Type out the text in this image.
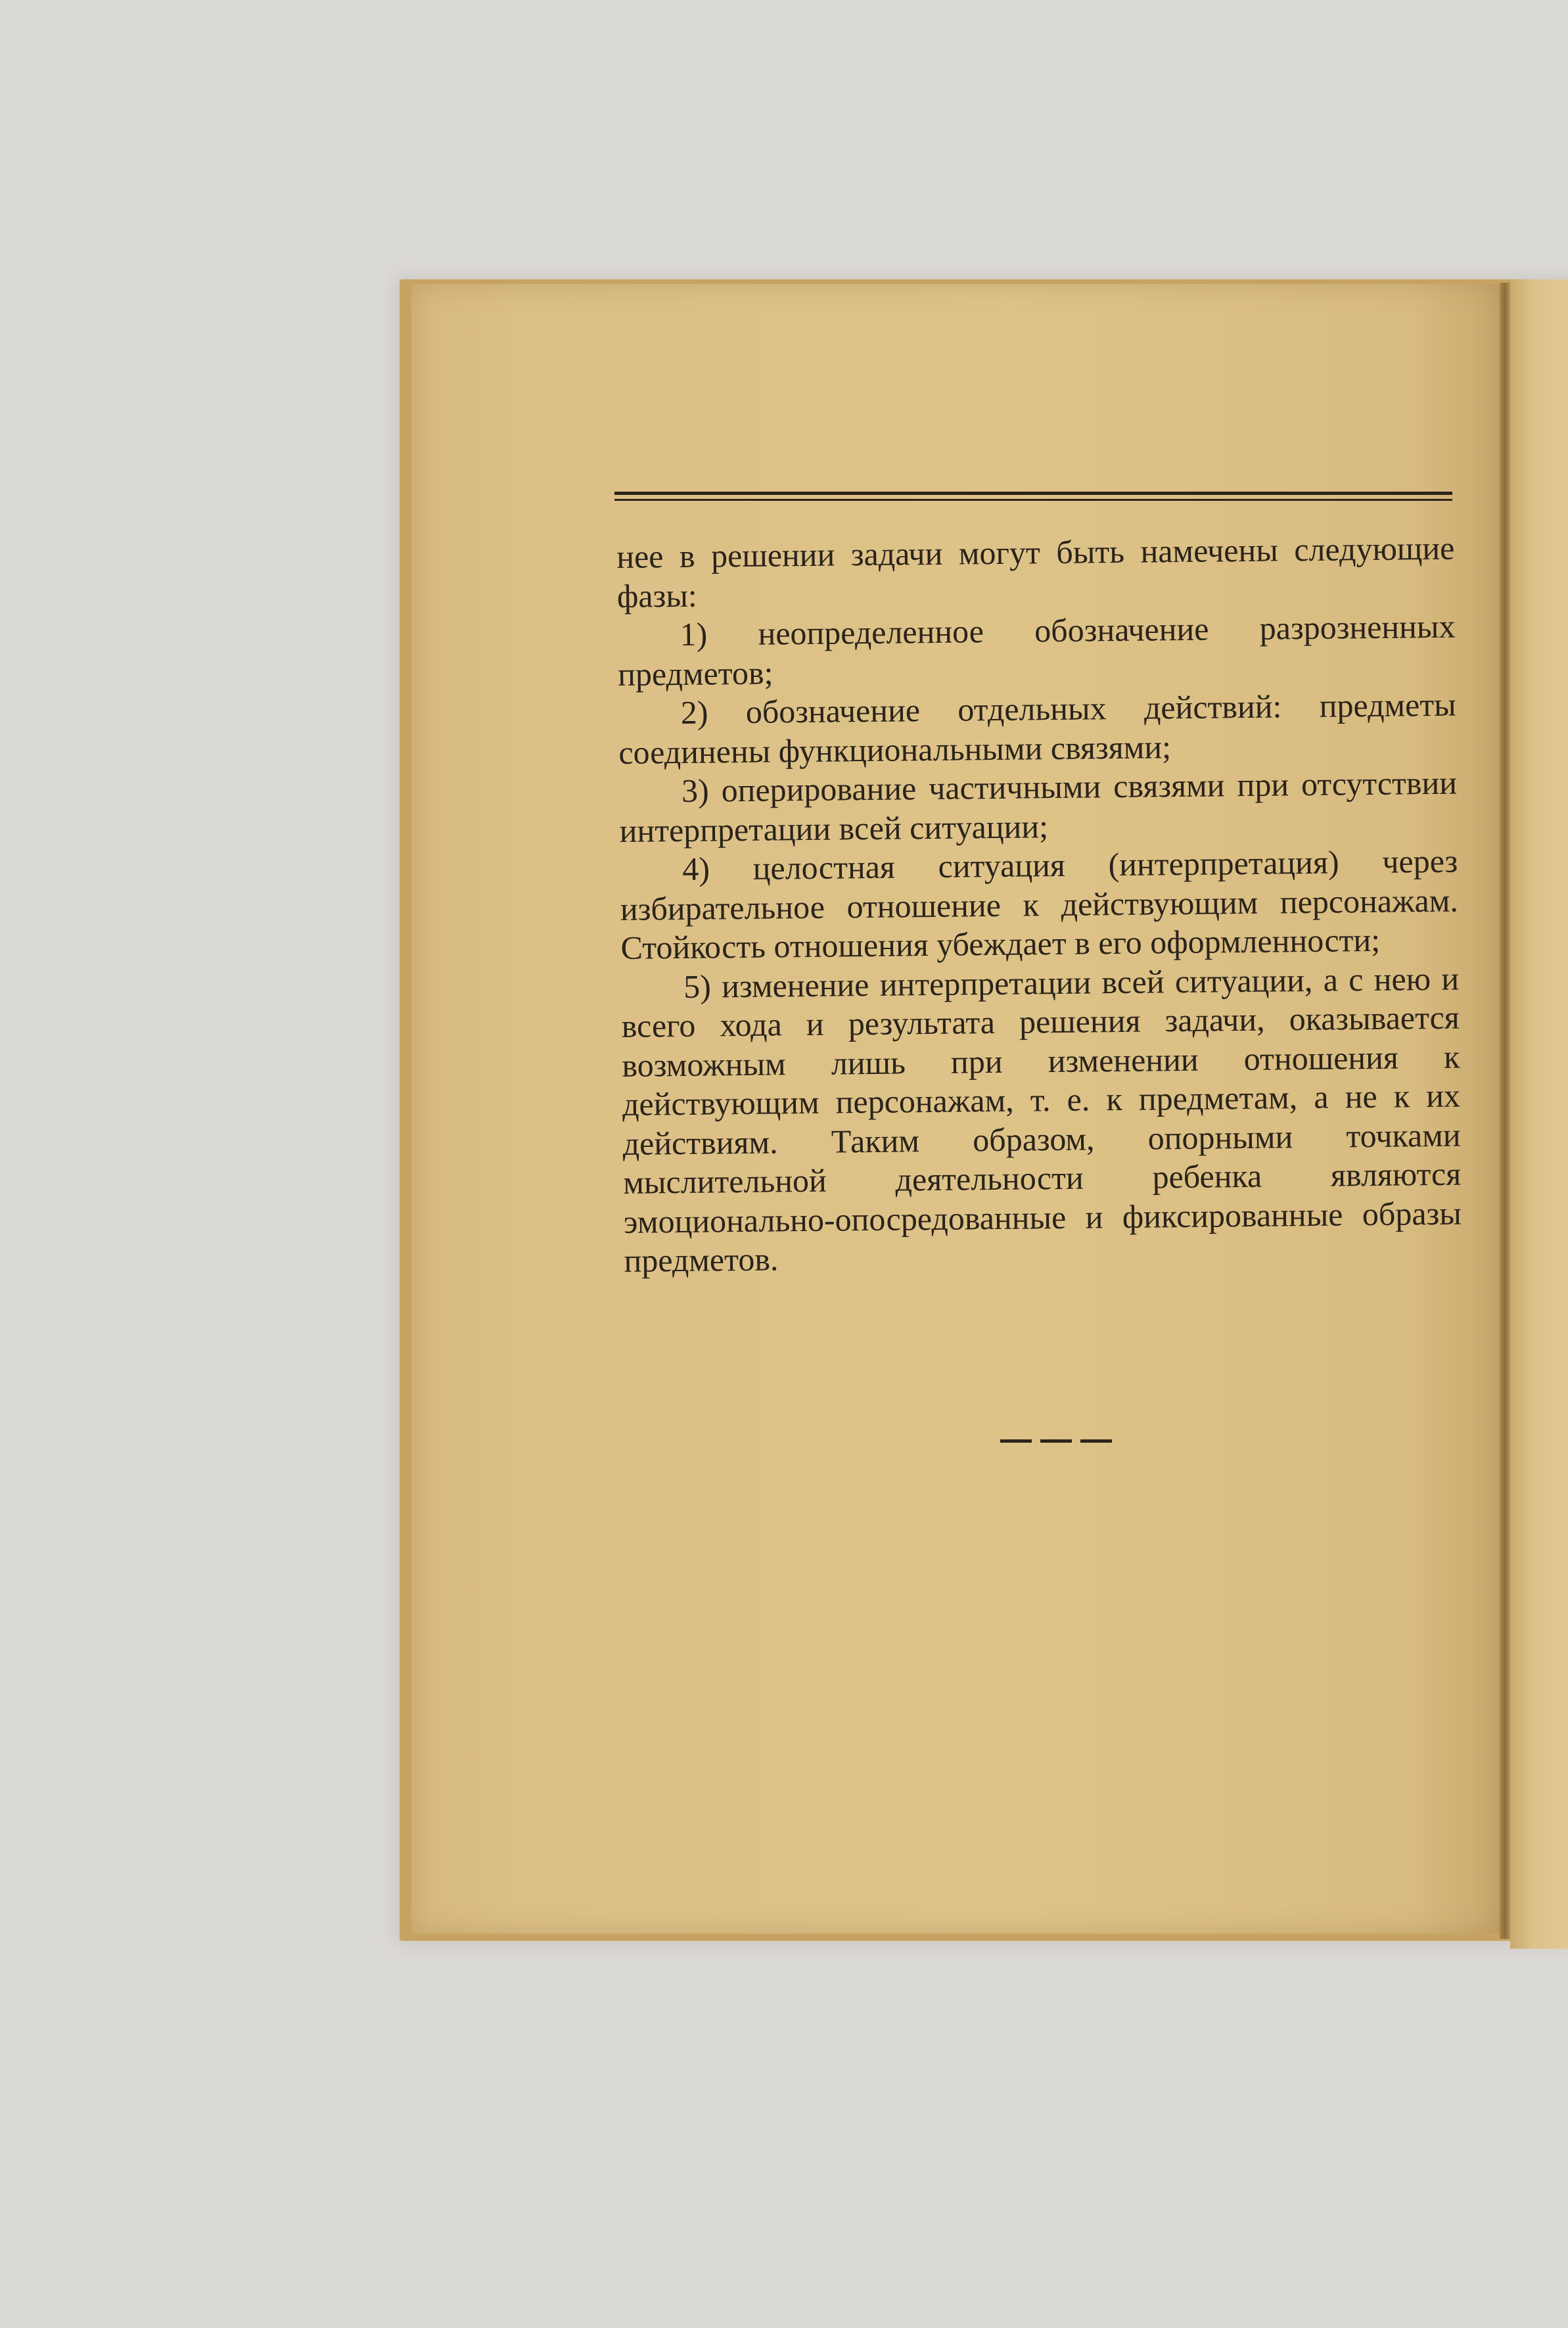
нее в решении задачи могут быть намечены следующие фазы:

1) неопределенное обозначение разрозненных предметов;

2) обозначение отдельных действий: предметы соединены функциональными связями;

3) оперирование частичными связями при отсутствии интерпретации всей ситуации;

4) целостная ситуация (интерпретация) через избирательное отношение к действующим персонажам. Стойкость отношения убеждает в его оформленности;

5) изменение интерпретации всей ситуации, а с нею и всего хода и результата решения задачи, оказывается возможным лишь при изменении отношения к действующим персонажам, т. е. к предметам, а не к их действиям. Таким образом, опорными точками мыслительной деятельности ребенка являются эмоционально-опосредованные и фиксированные образы предметов.
